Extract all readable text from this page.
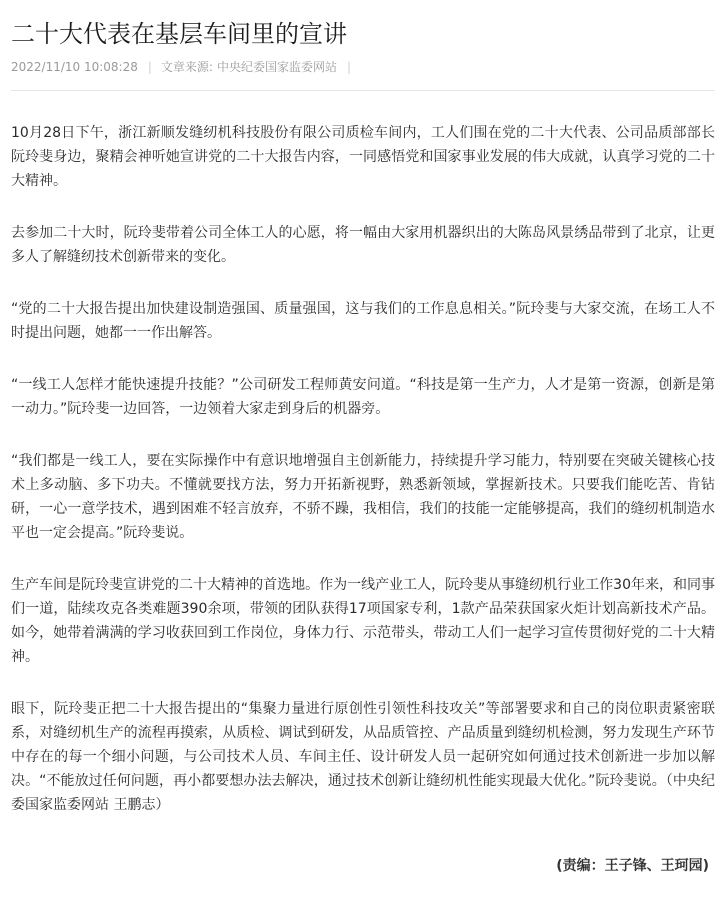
二十大代表在基层车间里的宣讲
2022/11/10 10:08:28 | 文章来源: 中央纪委国家监委网站 |

10月28日下午，浙江新顺发缝纫机科技股份有限公司质检车间内，工人们围在党的二十大代表、公司品质部部长阮玲斐身边，聚精会神听她宣讲党的二十大报告内容，一同感悟党和国家事业发展的伟大成就，认真学习党的二十大精神。

去参加二十大时，阮玲斐带着公司全体工人的心愿，将一幅由大家用机器织出的大陈岛风景绣品带到了北京，让更多人了解缝纫技术创新带来的变化。

“党的二十大报告提出加快建设制造强国、质量强国，这与我们的工作息息相关。”阮玲斐与大家交流，在场工人不时提出问题，她都一一作出解答。

“一线工人怎样才能快速提升技能？”公司研发工程师黄安问道。“科技是第一生产力，人才是第一资源，创新是第一动力。”阮玲斐一边回答，一边领着大家走到身后的机器旁。

“我们都是一线工人，要在实际操作中有意识地增强自主创新能力，持续提升学习能力，特别要在突破关键核心技术上多动脑、多下功夫。不懂就要找方法，努力开拓新视野，熟悉新领域，掌握新技术。只要我们能吃苦、肯钻研，一心一意学技术，遇到困难不轻言放弃，不骄不躁，我相信，我们的技能一定能够提高，我们的缝纫机制造水平也一定会提高。”阮玲斐说。

生产车间是阮玲斐宣讲党的二十大精神的首选地。作为一线产业工人，阮玲斐从事缝纫机行业工作30年来，和同事们一道，陆续攻克各类难题390余项，带领的团队获得17项国家专利，1款产品荣获国家火炬计划高新技术产品。如今，她带着满满的学习收获回到工作岗位，身体力行、示范带头，带动工人们一起学习宣传贯彻好党的二十大精神。

眼下，阮玲斐正把二十大报告提出的“集聚力量进行原创性引领性科技攻关”等部署要求和自己的岗位职责紧密联系，对缝纫机生产的流程再摸索，从质检、调试到研发，从品质管控、产品质量到缝纫机检测，努力发现生产环节中存在的每一个细小问题，与公司技术人员、车间主任、设计研发人员一起研究如何通过技术创新进一步加以解决。“不能放过任何问题，再小都要想办法去解决，通过技术创新让缝纫机性能实现最大优化。”阮玲斐说。（中央纪委国家监委网站 王鹏志）

(责编：王子锋、王珂园)
